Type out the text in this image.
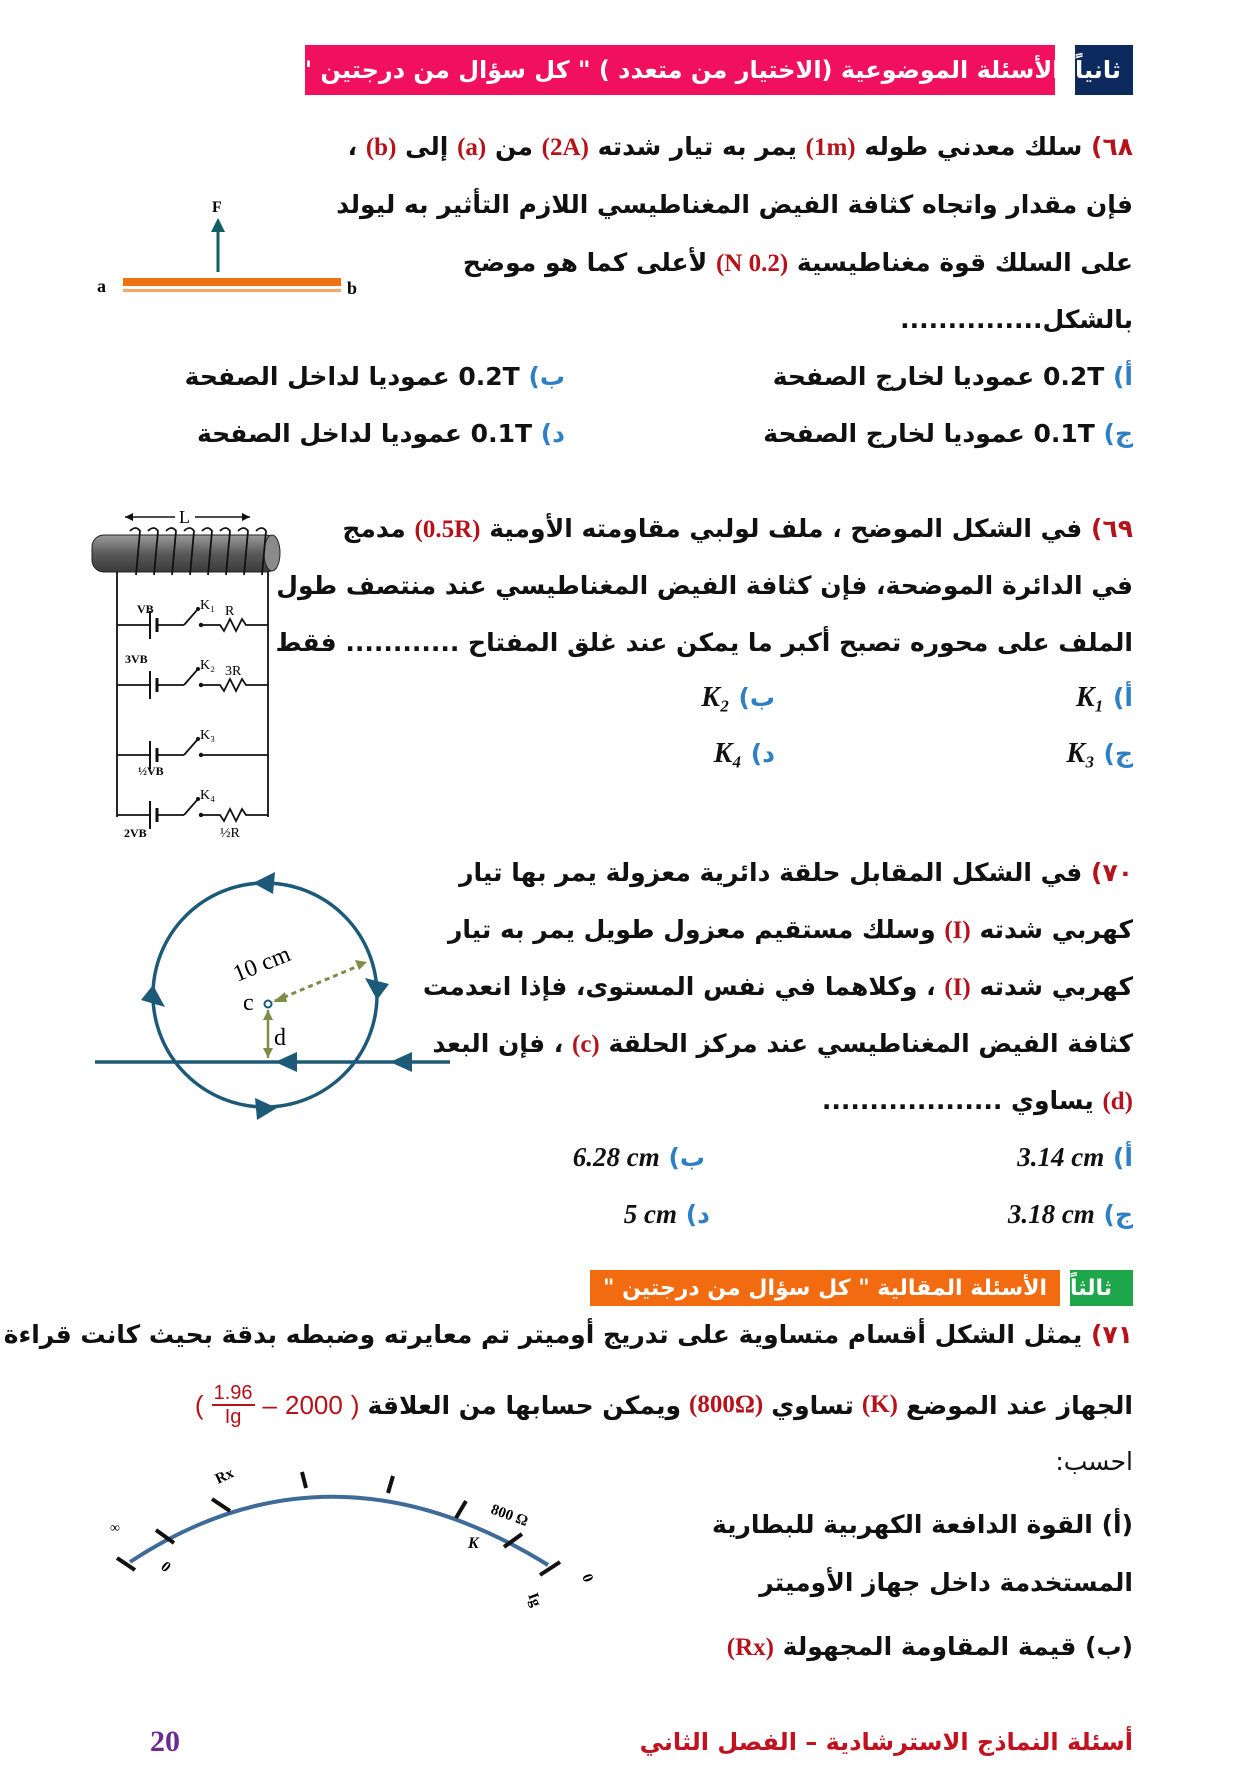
ثانياً
الأسئلة الموضوعية (الاختيار من متعدد ) " كل سؤال من درجتين "
٦٨) سلك معدني طوله (1m) يمر به تيار شدته (2A) من (a) إلى (b) ،
فإن مقدار واتجاه كثافة الفيض المغناطيسي اللازم التأثير به ليولد
على السلك قوة مغناطيسية (0.2 N) لأعلى كما هو موضح
بالشكل...............
أ) 0.2T عموديا لخارج الصفحة
ب) 0.2T عموديا لداخل الصفحة
ج) 0.1T عموديا لخارج الصفحة
د) 0.1T عموديا لداخل الصفحة
F
a	b
٦٩) في الشكل الموضح ، ملف لولبي مقاومته الأومية (0.5R) مدمج
في الدائرة الموضحة، فإن كثافة الفيض المغناطيسي عند منتصف طول
الملف على محوره تصبح أكبر ما يمكن عند غلق المفتاح ............ فقط
أ) K₁
ب) K₂
ج) K₃
د) K₄
L
VB	K₁ R
3VB	K₂ 3R
½VB
K₃
2VB
K₄
½R
٧٠) في الشكل المقابل حلقة دائرية معزولة يمر بها تيار
كهربي شدته (I) وسلك مستقيم معزول طويل يمر به تيار
كهربي شدته (I) ، وكلاهما في نفس المستوى، فإذا انعدمت
كثافة الفيض المغناطيسي عند مركز الحلقة (c) ، فإن البعد
(d) يساوي ...................
أ) 3.14 cm
ب) 6.28 cm
ج) 3.18 cm
د) 5 cm
10 cm
c
d
ثالثاً
الأسئلة المقالية " كل سؤال من درجتين "
٧١) يمثل الشكل أقسام متساوية على تدريج أوميتر تم معايرته وضبطه بدقة بحيث كانت قراءة
الجهاز عند الموضع
(K)
تساوي
(800Ω)
ويمكن حسابها من العلاقة
(
2000
–
$\frac{1.96}{Ig}$
)
احسب:
(أ) القوة الدافعة الكهربية للبطارية
المستخدمة داخل جهاز الأوميتر
(ب) قيمة المقاومة المجهولة (Rx)
∞
0
Rx
800 Ω
K
0
Ig
أسئلة النماذج الاسترشادية – الفصل الثاني
20
